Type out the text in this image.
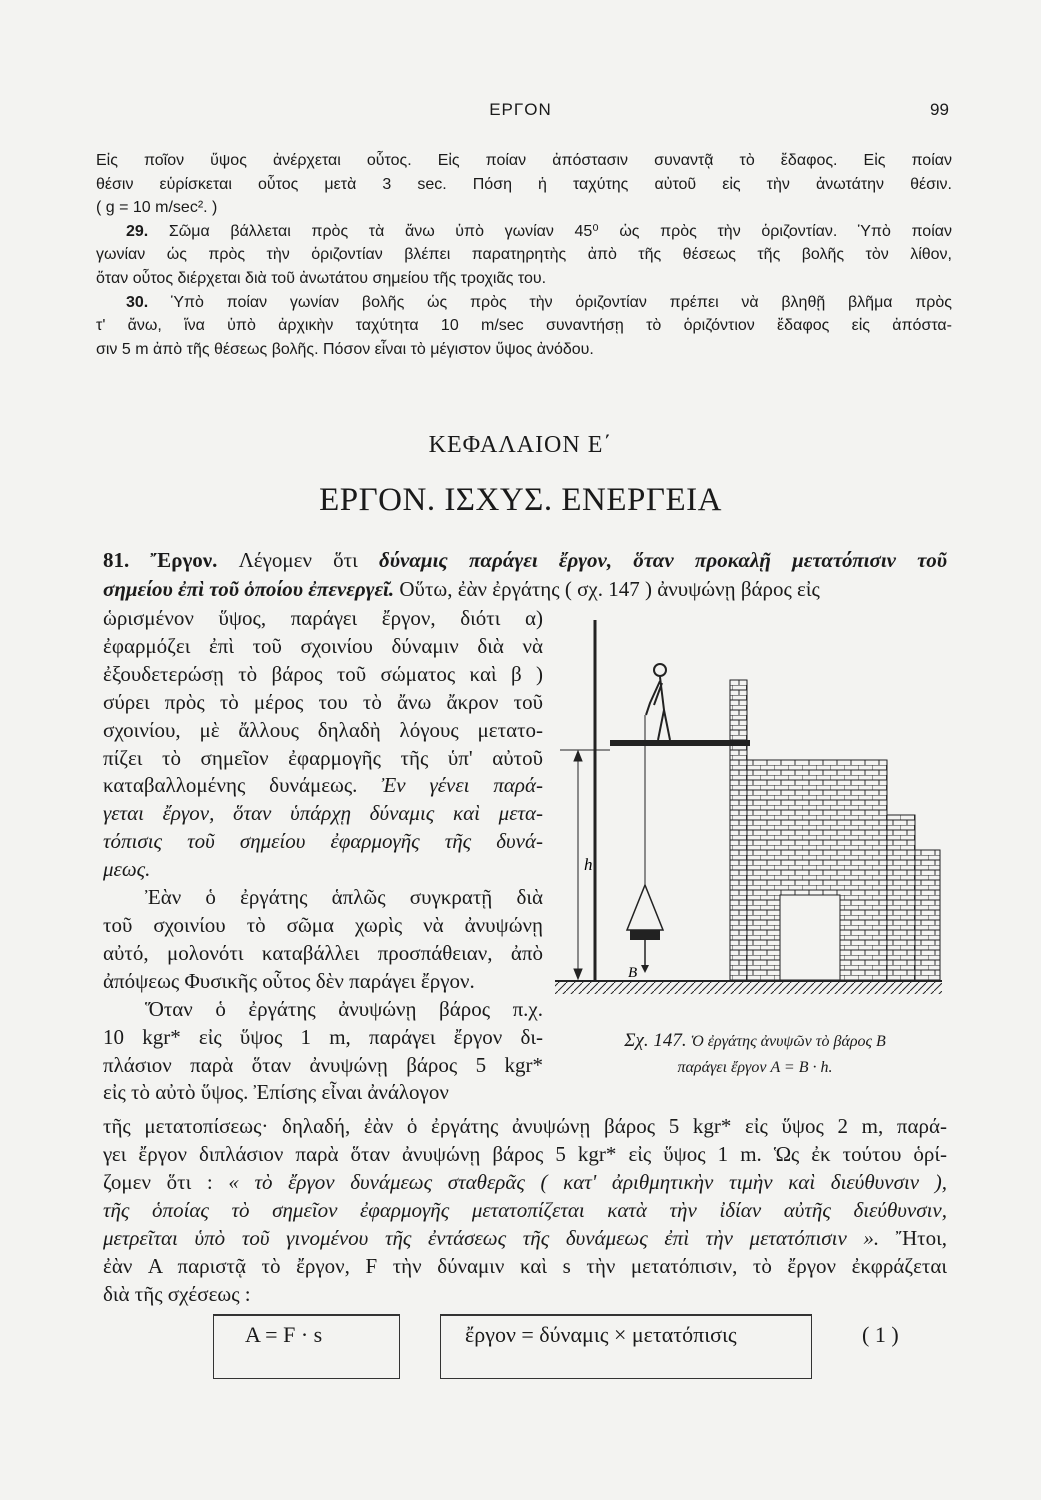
ΕΡΓΟΝ	99
Εἰς ποῖον ὕψος ἀνέρχεται οὗτος. Εἰς ποίαν ἀπόστασιν συναντᾷ τὸ ἔδαφος. Εἰς ποίαν
θέσιν εὑρίσκεται οὗτος μετὰ 3 sec. Πόση ἡ ταχύτης αὐτοῦ εἰς τὴν ἀνωτάτην θέσιν.
( g = 10 m/sec². )
29. Σῶμα βάλλεται πρὸς τὰ ἄνω ὑπὸ γωνίαν 45⁰ ὡς πρὸς τὴν ὁριζοντίαν. Ὑπὸ ποίαν
γωνίαν ὡς πρὸς τὴν ὁριζοντίαν βλέπει παρατηρητὴς ἀπὸ τῆς θέσεως τῆς βολῆς τὸν λίθον,
ὅταν οὗτος διέρχεται διὰ τοῦ ἀνωτάτου σημείου τῆς τροχιᾶς του.
30. Ὑπὸ ποίαν γωνίαν βολῆς ὡς πρὸς τὴν ὁριζοντίαν πρέπει νὰ βληθῇ βλῆμα πρὸς
τ' ἄνω, ἵνα ὑπὸ ἀρχικὴν ταχύτητα 10 m/sec συναντήσῃ τὸ ὁριζόντιον ἔδαφος εἰς ἀπόστα-
σιν 5 m ἀπὸ τῆς θέσεως βολῆς. Πόσον εἶναι τὸ μέγιστον ὕψος ἀνόδου.
ΚΕΦΑΛΑΙΟΝ Ε΄
ΕΡΓΟΝ. ΙΣΧΥΣ. ΕΝΕΡΓΕΙΑ
81. Ἔργον. Λέγομεν ὅτι δύναμις παράγει ἔργον, ὅταν προκαλῇ μετατόπισιν τοῦ
σημείου ἐπὶ τοῦ ὁποίου ἐπενεργεῖ. Οὕτω, ἐὰν ἐργάτης ( σχ. 147 ) ἀνυψώνῃ βάρος εἰς
ὡρισμένον ὕψος, παράγει ἔργον, διότι α)
ἐφαρμόζει ἐπὶ τοῦ σχοινίου δύναμιν διὰ νὰ
ἐξουδετερώσῃ τὸ βάρος τοῦ σώματος καὶ β )
σύρει πρὸς τὸ μέρος του τὸ ἄνω ἄκρον τοῦ
σχοινίου, μὲ ἄλλους δηλαδὴ λόγους μετατο-
πίζει τὸ σημεῖον ἐφαρμογῆς τῆς ὑπ' αὐτοῦ
καταβαλλομένης δυνάμεως. Ἐν γένει παρά-
γεται ἔργον, ὅταν ὑπάρχῃ δύναμις καὶ μετα-
τόπισις τοῦ σημείου ἐφαρμογῆς τῆς δυνά-
μεως.
Ἐὰν ὁ ἐργάτης ἁπλῶς συγκρατῇ διὰ
τοῦ σχοινίου τὸ σῶμα χωρὶς νὰ ἀνυψώνῃ
αὐτό, μολονότι καταβάλλει προσπάθειαν, ἀπὸ
ἀπόψεως Φυσικῆς οὗτος δὲν παράγει ἔργον.
Ὅταν ὁ ἐργάτης ἀνυψώνῃ βάρος π.χ.
10 kgr* εἰς ὕψος 1 m, παράγει ἔργον δι-
πλάσιον παρὰ ὅταν ἀνυψώνῃ βάρος 5 kgr*
εἰς τὸ αὐτὸ ὕψος. Ἐπίσης εἶναι ἀνάλογον
τῆς μετατοπίσεως· δηλαδή, ἐὰν ὁ ἐργάτης ἀνυψώνῃ βάρος 5 kgr* εἰς ὕψος 2 m, παρά-
γει ἔργον διπλάσιον παρὰ ὅταν ἀνυψώνῃ βάρος 5 kgr* εἰς ὕψος 1 m. Ὡς ἐκ τούτου ὁρί-
ζομεν ὅτι : « τὸ ἔργον δυνάμεως σταθερᾶς ( κατ' ἀριθμητικὴν τιμὴν καὶ διεύθυνσιν ),
τῆς ὁποίας τὸ σημεῖον ἐφαρμογῆς μετατοπίζεται κατὰ τὴν ἰδίαν αὐτῆς διεύθυνσιν,
μετρεῖται ὑπὸ τοῦ γινομένου τῆς ἐντάσεως τῆς δυνάμεως ἐπὶ τὴν μετατόπισιν ». Ἤτοι,
ἐὰν A παριστᾷ τὸ ἔργον, F τὴν δύναμιν καὶ s τὴν μετατόπισιν, τὸ ἔργον ἐκφράζεται
διὰ τῆς σχέσεως :
B
h
Σχ. 147. Ὁ ἐργάτης ἀνυψῶν τὸ βάρος B
παράγει ἔργον A = B · h.
A = F · s	ἔργον = δύναμις × μετατόπισις	( 1 )
